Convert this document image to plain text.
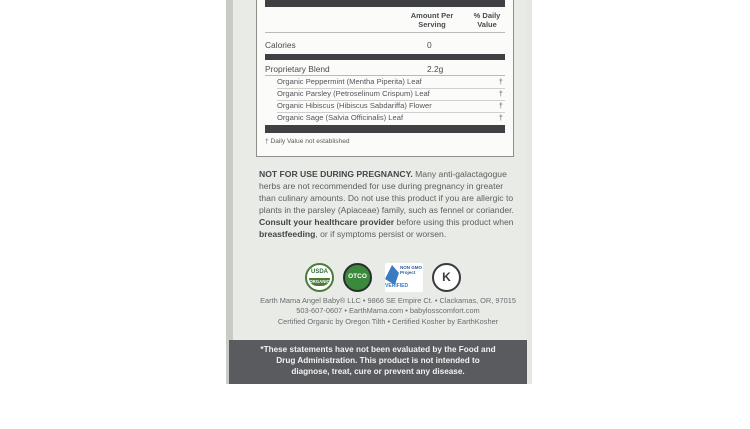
Amount Per Serving
% Daily Value
Calories	0
Proprietary Blend	2.2g
Organic Peppermint (Mentha Piperita) Leaf	†
Organic Parsley (Petroselinum Crispum) Leaf	†
Organic Hibiscus (Hibiscus Sabdariffa) Flower	†
Organic Sage (Salvia Officinalis) Leaf	†
† Daily Value not established
NOT FOR USE DURING PREGNANCY. Many anti-galactagogue herbs are not recommended for use during pregnancy in greater than culinary amounts. Do not use this product if you are allergic to plants in the parsley (Apiaceae) family, such as fennel or coriander. Consult your healthcare provider before using this product when breastfeeding, or if symptoms persist or worsen.
USDA
ORGANIC
OTCO
NON GMO Project
VERIFIED
K
Earth Mama Angel Baby® LLC • 9866 SE Empire Ct. • Clackamas, OR, 97015
503-607-0607 • EarthMama.com • babylosscomfort.com
Certified Organic by Oregon Tilth • Certified Kosher by EarthKosher
*These statements have not been evaluated by the Food and
Drug Administration. This product is not intended to
diagnose, treat, cure or prevent any disease.
